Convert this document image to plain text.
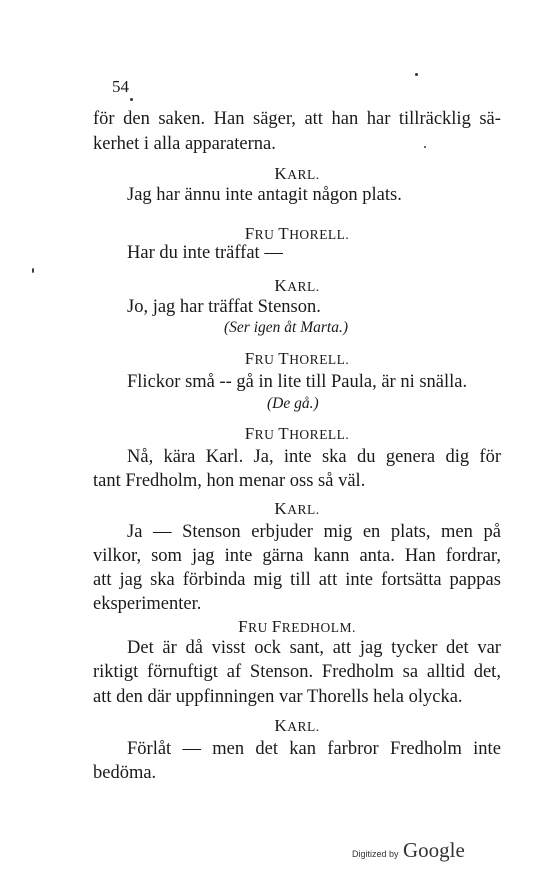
54
för den saken. Han säger, att han har tillräcklig sä-
kerhet i alla apparaterna.
KARL.
Jag har ännu inte antagit någon plats.
FRU THORELL.
Har du inte träffat —
KARL.
Jo, jag har träffat Stenson.
(Ser igen åt Marta.)
FRU THORELL.
Flickor små -- gå in lite till Paula, är ni snälla.
(De gå.)
FRU THORELL.
Nå, kära Karl. Ja, inte ska du genera dig för
tant Fredholm, hon menar oss så väl.
KARL.
Ja — Stenson erbjuder mig en plats, men på
vilkor, som jag inte gärna kann anta. Han fordrar,
att jag ska förbinda mig till att inte fortsätta pappas
eksperimenter.
FRU FREDHOLM.
Det är då visst ock sant, att jag tycker det var
riktigt förnuftigt af Stenson. Fredholm sa alltid det,
att den där uppfinningen var Thorells hela olycka.
KARL.
Förlåt — men det kan farbror Fredholm inte
bedöma.
Digitized by Google
